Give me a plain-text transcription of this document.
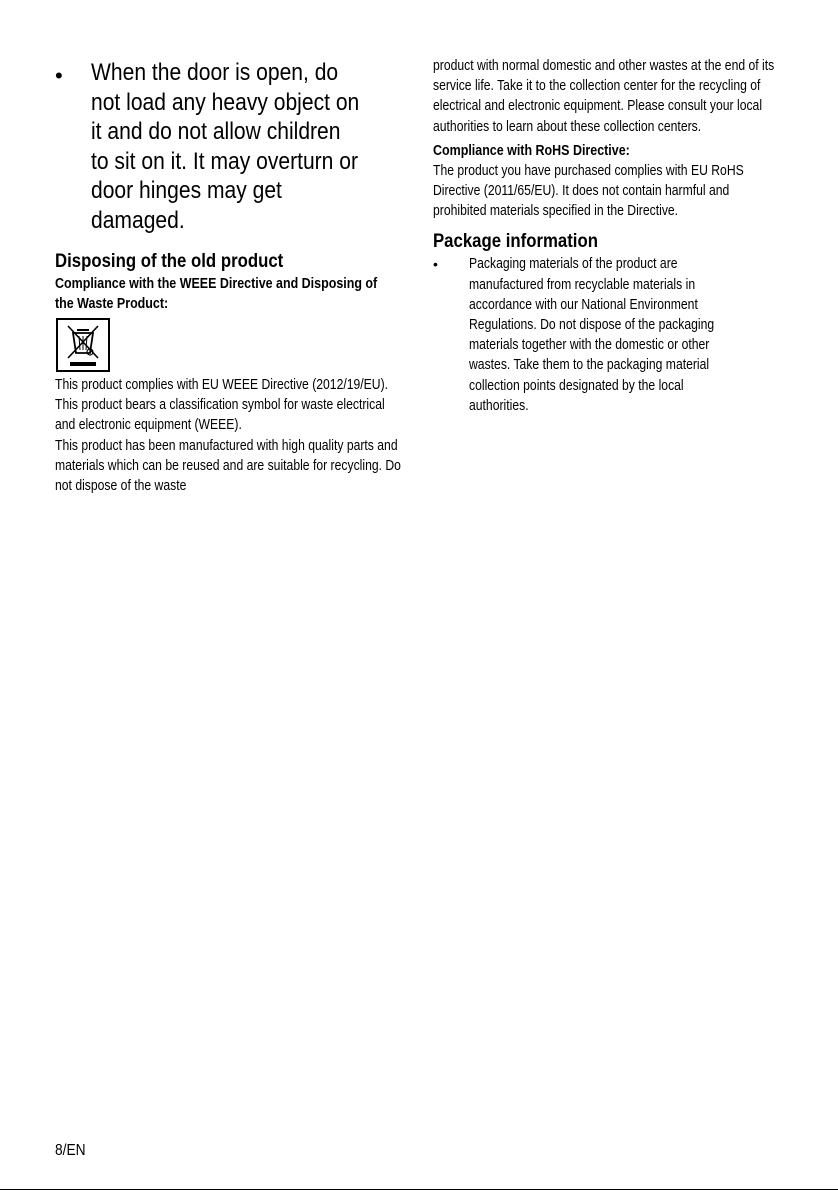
•	When the door is open, do not load any heavy object on it and do not allow children to sit on it. It may overturn or door hinges may get damaged.
Disposing of the old product
Compliance with the WEEE Directive and Disposing of the Waste Product:
This product complies with EU WEEE Directive (2012/19/EU). This product bears a classification symbol for waste electrical and electronic equipment (WEEE).
This product has been manufactured with high quality parts and materials which can be reused and are suitable for recycling. Do not dispose of the waste
product with normal domestic and other wastes at the end of its service life. Take it to the collection center for the recycling of electrical and electronic equipment. Please consult your local authorities to learn about these collection centers.
Compliance with RoHS Directive:
The product you have purchased complies with EU RoHS Directive (2011/65/EU). It does not contain harmful and prohibited materials specified in the Directive.
Package information
•	Packaging materials of the product are manufactured from recyclable materials in accordance with our National Environment Regulations. Do not dispose of the packaging materials together with the domestic or other wastes. Take them to the packaging material collection points designated by the local authorities.
8/EN
